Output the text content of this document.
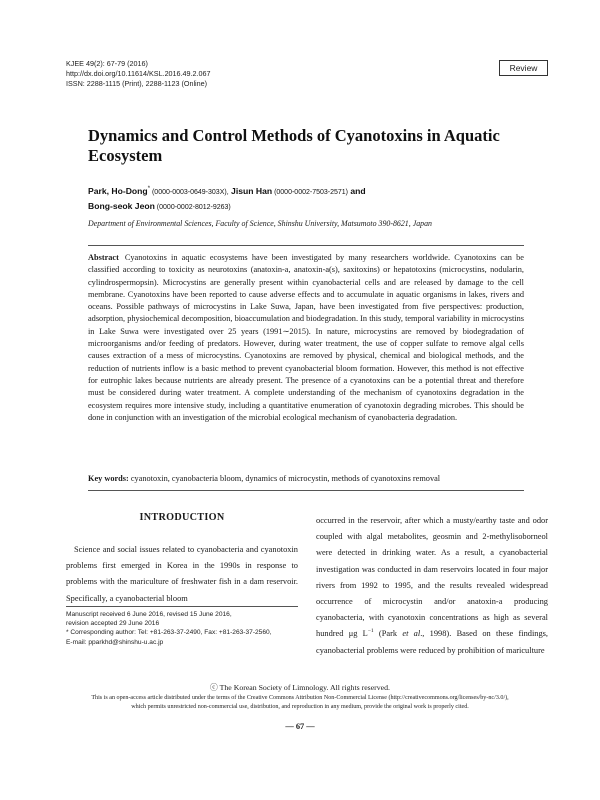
KJEE 49(2): 67-79 (2016)
http://dx.doi.org/10.11614/KSL.2016.49.2.067
ISSN: 2288-1115 (Print), 2288-1123 (Online)
Review
Dynamics and Control Methods of Cyanotoxins in Aquatic Ecosystem
Park, Ho-Dong* (0000-0003-0649-303X), Jisun Han (0000-0002-7503-2571) and
Bong-seok Jeon (0000-0002-8012-9263)
Department of Environmental Sciences, Faculty of Science, Shinshu University, Matsumoto 390-8621, Japan
Abstract Cyanotoxins in aquatic ecosystems have been investigated by many researchers worldwide. Cyanotoxins can be classified according to toxicity as neurotoxins (anatoxin-a, anatoxin-a(s), saxitoxins) or hepatotoxins (microcystins, nodularin, cylindrospermopsin). Microcystins are generally present within cyanobacterial cells and are released by damage to the cell membrane. Cyanotoxins have been reported to cause adverse effects and to accumulate in aquatic organisms in lakes, rivers and oceans. Possible pathways of microcystins in Lake Suwa, Japan, have been investigated from five perspectives: production, adsorption, physiochemical decomposition, bioaccumulation and biodegradation. In this study, temporal variability in microcystins in Lake Suwa were investigated over 25 years (1991∼2015). In nature, microcystins are removed by biodegradation of microorganisms and/or feeding of predators. However, during water treatment, the use of copper sulfate to remove algal cells causes extraction of a mess of microcystins. Cyanotoxins are removed by physical, chemical and biological methods, and the reduction of nutrients inflow is a basic method to prevent cyanobacterial bloom formation. However, this method is not effective for eutrophic lakes because nutrients are already present. The presence of a cyanotoxins can be a potential threat and therefore must be considered during water treatment. A complete understanding of the mechanism of cyanotoxins degradation in the ecosystem requires more intensive study, including a quantitative enumeration of cyanotoxin degrading microbes. This should be done in conjunction with an investigation of the microbial ecological mechanism of cyanobacteria degradation.
Key words: cyanotoxin, cyanobacteria bloom, dynamics of microcystin, methods of cyanotoxins removal
INTRODUCTION

Science and social issues related to cyanobacteria and cyanotoxin problems first emerged in Korea in the 1990s in response to problems with the mariculture of freshwater fish in a dam reservoir. Specifically, a cyanobacterial bloom

occurred in the reservoir, after which a musty/earthy taste and odor coupled with algal metabolites, geosmin and 2-methylisoborneol were detected in drinking water. As a result, a cyanobacterial investigation was conducted in dam reservoirs located in four major rivers from 1992 to 1995, and the results revealed widespread occurrence of microcystin and/or anatoxin-a producing cyanobacteria, with cyanotoxin concentrations as high as several hundred μg $L^{-1}$ (Park et al., 1998). Based on these findings, cyanobacterial problems were reduced by prohibition of mariculture
Manuscript received 6 June 2016, revised 15 June 2016,
revision accepted 29 June 2016
* Corresponding author: Tel: +81-263-37-2490, Fax: +81-263-37-2560,
E-mail: pparkhd@shinshu-u.ac.jp
ⓒ The Korean Society of Limnology. All rights reserved.
This is an open-access article distributed under the terms of the Creative Commons Attribution Non-Commercial License (http://creativecommons.org/licenses/by-nc/3.0/),
which permits unrestricted non-commercial use, distribution, and reproduction in any medium, provide the original work is properly cited.
— 67 —
